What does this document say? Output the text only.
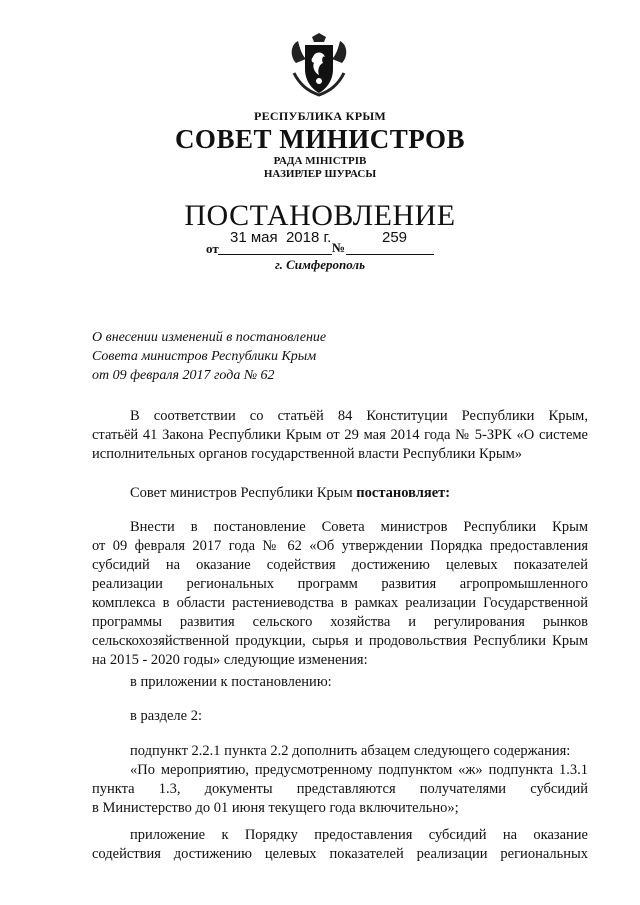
РЕСПУБЛИКА КРЫМ
СОВЕТ МИНИСТРОВ
РАДА МІНІСТРІВ
НАЗИРЛЕР ШУРАСЫ
ПОСТАНОВЛЕНИЕ
от
31 мая  2018 г.
№
259
г. Симферополь
О внесении изменений в постановление
Совета министров Республики Крым
от 09 февраля 2017 года № 62
В соответствии со статьёй 84 Конституции Республики Крым,
статьёй 41 Закона Республики Крым от 29 мая 2014 года № 5-ЗРК «О системе
исполнительных органов государственной власти Республики Крым»
Совет министров Республики Крым постановляет:
Внести в постановление Совета министров Республики Крым
от 09 февраля 2017 года № 62 «Об утверждении Порядка предоставления
субсидий на оказание содействия достижению целевых показателей
реализации региональных программ развития агропромышленного
комплекса в области растениеводства в рамках реализации Государственной
программы развития сельского хозяйства и регулирования рынков
сельскохозяйственной продукции, сырья и продовольствия Республики Крым
на 2015 - 2020 годы» следующие изменения:
в приложении к постановлению:
в разделе 2:
подпункт 2.2.1 пункта 2.2 дополнить абзацем следующего содержания:
«По мероприятию, предусмотренному подпунктом «ж» подпункта 1.3.1
пункта 1.3, документы представляются получателями субсидий
в Министерство до 01 июня текущего года включительно»;
приложение к Порядку предоставления субсидий на оказание
содействия достижению целевых показателей реализации региональных
